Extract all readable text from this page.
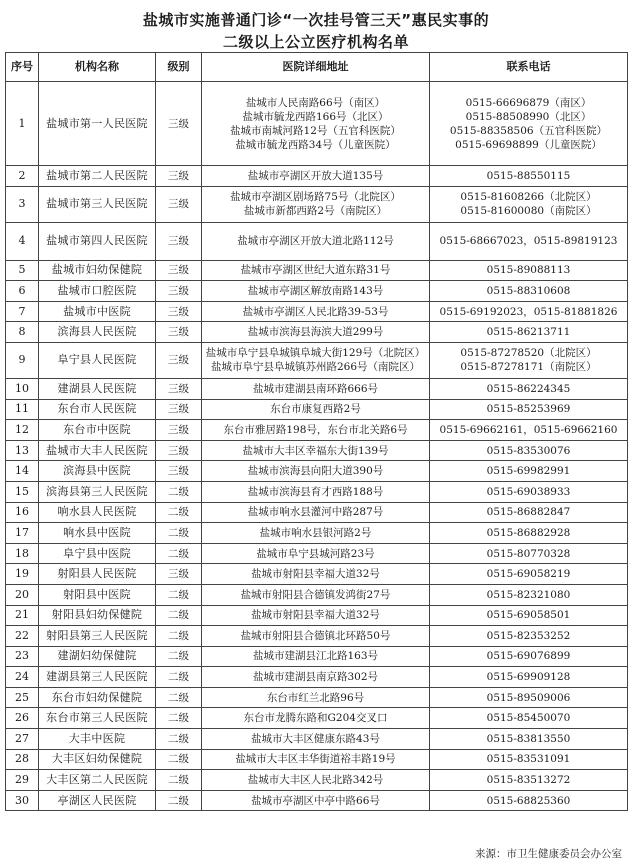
盐城市实施普通门诊“一次挂号管三天”惠民实事的
二级以上公立医疗机构名单
序号	机构名称	级别	医院详细地址	联系电话
1	盐城市第一人民医院	三级	盐城市人民南路66号（南区）
盐城市毓龙西路166号（北区）
盐城市南城河路12号（五官科医院）
盐城市毓龙西路34号（儿童医院）	0515-66696879（南区）
0515-88508990（北区）
0515-88358506（五官科医院）
0515-69698899（儿童医院）

2	盐城市第二人民医院	三级	盐城市亭湖区开放大道135号	0515-88550115

3	盐城市第三人民医院	三级	盐城市亭湖区剧场路75号（北院区）
盐城市新都西路2号（南院区）	0515-81608266（北院区）
0515-81600080（南院区）

4	盐城市第四人民医院	三级	盐城市亭湖区开放大道北路112号	0515-68667023，0515-89819123

5	盐城市妇幼保健院	三级	盐城市亭湖区世纪大道东路31号	0515-89088113

6	盐城市口腔医院	三级	盐城市亭湖区解放南路143号	0515-88310608

7	盐城市中医院	三级	盐城市亭湖区人民北路39-53号	0515-69192023，0515-81881826

8	滨海县人民医院	三级	盐城市滨海县海滨大道299号	0515-86213711

9	阜宁县人民医院	三级	盐城市阜宁县阜城镇阜城大街129号（北院区）
盐城市阜宁县阜城镇苏州路266号（南院区）	0515-87278520（北院区）
0515-87278171（南院区）

10	建湖县人民医院	三级	盐城市建湖县南环路666号	0515-86224345

11	东台市人民医院	三级	东台市康复西路2号	0515-85253969

12	东台市中医院	三级	东台市雅居路198号，东台市北关路6号	0515-69662161，0515-69662160

13	盐城市大丰人民医院	三级	盐城市大丰区幸福东大街139号	0515-83530076

14	滨海县中医院	三级	盐城市滨海县向阳大道390号	0515-69982991

15	滨海县第三人民医院	二级	盐城市滨海县育才西路188号	0515-69038933

16	响水县人民医院	二级	盐城市响水县灌河中路287号	0515-86882847

17	响水县中医院	二级	盐城市响水县银河路2号	0515-86882928

18	阜宁县中医院	二级	盐城市阜宁县城河路23号	0515-80770328

19	射阳县人民医院	三级	盐城市射阳县幸福大道32号	0515-69058219

20	射阳县中医院	二级	盐城市射阳县合德镇发鸿街27号	0515-82321080

21	射阳县妇幼保健院	二级	盐城市射阳县幸福大道32号	0515-69058501

22	射阳县第三人民医院	二级	盐城市射阳县合德镇北环路50号	0515-82353252

23	建湖妇幼保健院	二级	盐城市建湖县江北路163号	0515-69076899

24	建湖县第三人民医院	二级	盐城市建湖县南京路302号	0515-69909128

25	东台市妇幼保健院	二级	东台市红兰北路96号	0515-89509006

26	东台市第三人民医院	二级	东台市龙腾东路和G204交叉口	0515-85450070

27	大丰中医院	二级	盐城市大丰区健康东路43号	0515-83813550

28	大丰区妇幼保健院	二级	盐城市大丰区丰华街道裕丰路19号	0515-83531091

29	大丰区第二人民医院	二级	盐城市大丰区人民北路342号	0515-83513272

30	亭湖区人民医院	二级	盐城市亭湖区中亭中路66号	0515-68825360
来源：市卫生健康委员会办公室
